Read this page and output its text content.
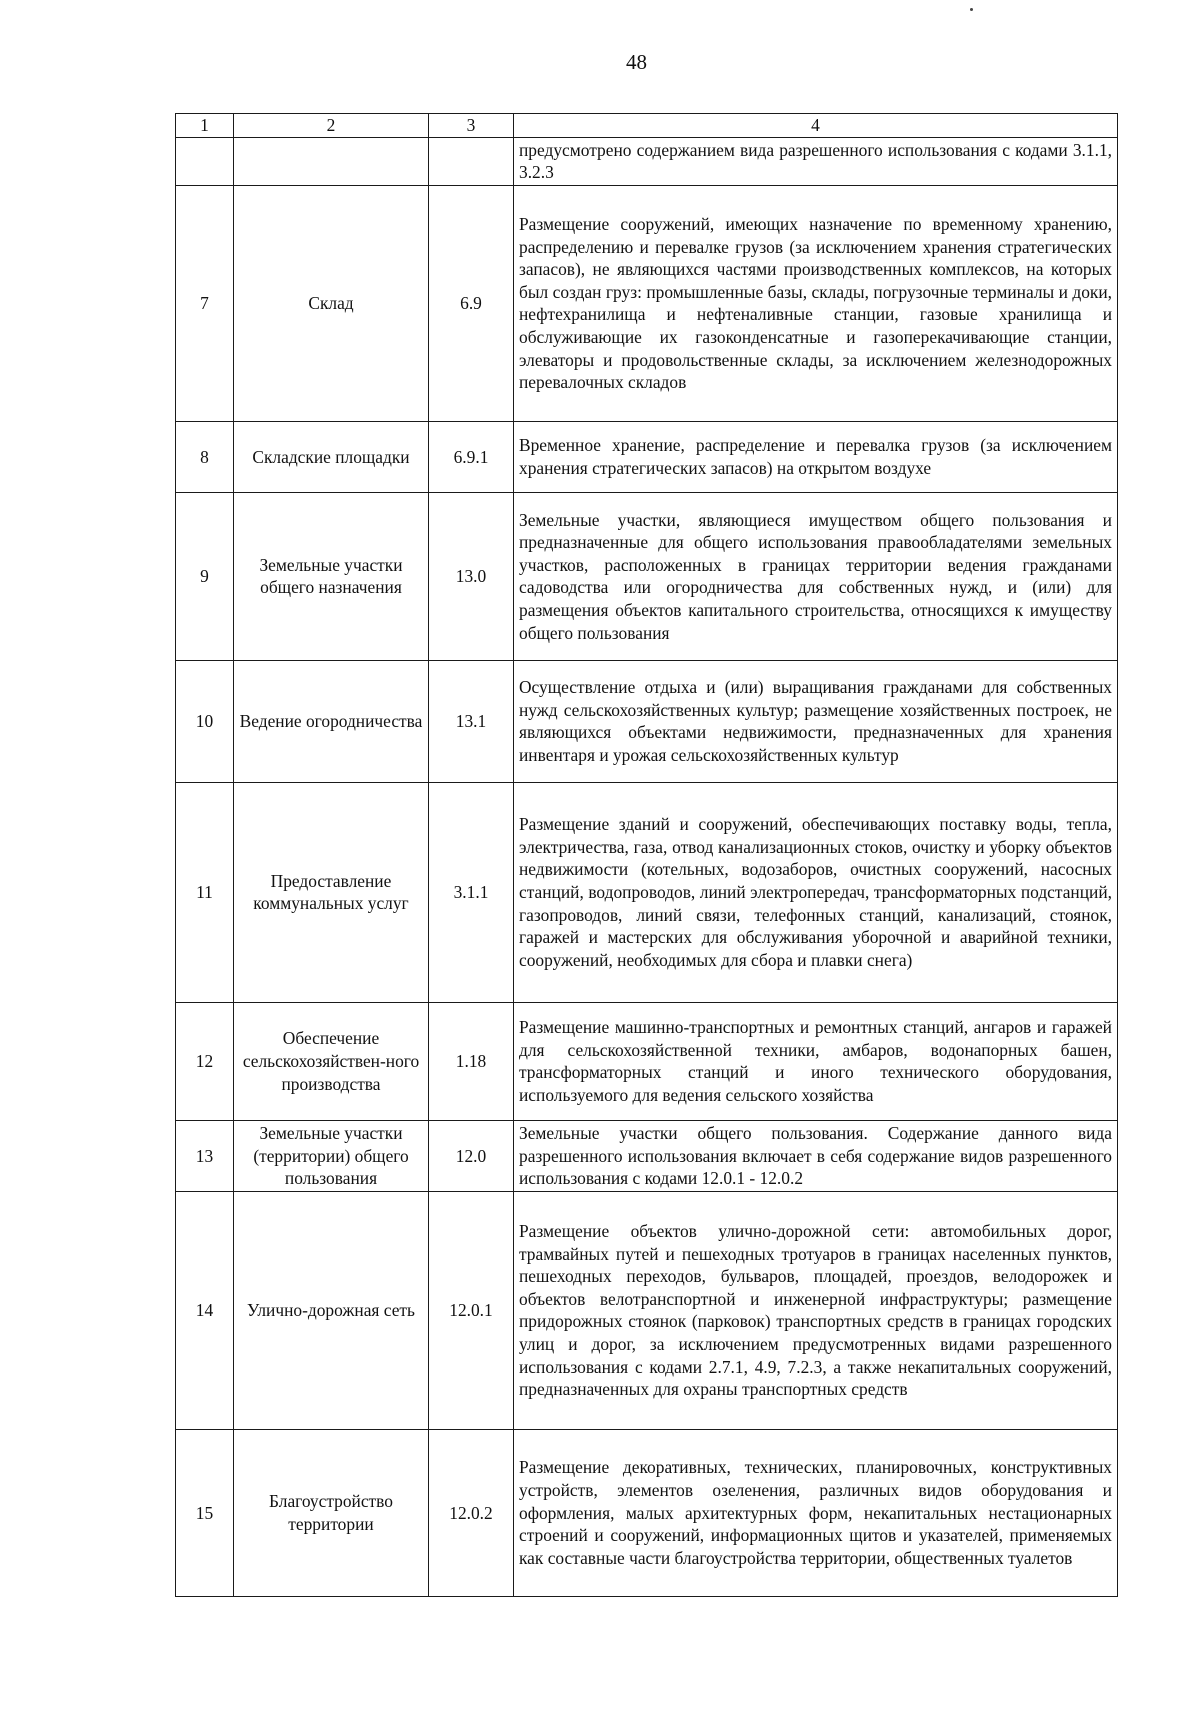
48
1	2	3	4
			предусмотрено содержанием вида разрешенного использования с кодами 3.1.1, 3.2.3
7	Склад	6.9	Размещение сооружений, имеющих назначение по временному хранению, распределению и перевалке грузов (за исключением хранения стратегических запасов), не являющихся частями производственных комплексов, на которых был создан груз: промышленные базы, склады, погрузочные терминалы и доки, нефтехранилища и нефтеналивные станции, газовые хранилища и обслуживающие их газоконденсатные и газоперекачивающие станции, элеваторы и продовольственные склады, за исключением железнодорожных перевалочных складов
8	Складские площадки	6.9.1	Временное хранение, распределение и перевалка грузов (за исключением хранения стратегических запасов) на открытом воздухе
9	Земельные участки общего назначения	13.0	Земельные участки, являющиеся имуществом общего пользования и предназначенные для общего использования правообладателями земельных участков, расположенных в границах территории ведения гражданами садоводства или огородничества для собственных нужд, и (или) для размещения объектов капитального строительства, относящихся к имуществу общего пользования
10	Ведение огородничества	13.1	Осуществление отдыха и (или) выращивания гражданами для собственных нужд сельскохозяйственных культур; размещение хозяйственных построек, не являющихся объектами недвижимости, предназначенных для хранения инвентаря и урожая сельскохозяйственных культур
11	Предоставление коммунальных услуг	3.1.1	Размещение зданий и сооружений, обеспечивающих поставку воды, тепла, электричества, газа, отвод канализационных стоков, очистку и уборку объектов недвижимости (котельных, водозаборов, очистных сооружений, насосных станций, водопроводов, линий электропередач, трансформаторных подстанций, газопроводов, линий связи, телефонных станций, канализаций, стоянок, гаражей и мастерских для обслуживания уборочной и аварийной техники, сооружений, необходимых для сбора и плавки снега)
12	Обеспечение сельскохозяйствен-ного производства	1.18	Размещение машинно-транспортных и ремонтных станций, ангаров и гаражей для сельскохозяйственной техники, амбаров, водонапорных башен, трансформаторных станций и иного технического оборудования, используемого для ведения сельского хозяйства
13	Земельные участки (территории) общего пользования	12.0	Земельные участки общего пользования. Содержание данного вида разрешенного использования включает в себя содержание видов разрешенного использования с кодами 12.0.1 - 12.0.2
14	Улично-дорожная сеть	12.0.1	Размещение объектов улично-дорожной сети: автомобильных дорог, трамвайных путей и пешеходных тротуаров в границах населенных пунктов, пешеходных переходов, бульваров, площадей, проездов, велодорожек и объектов велотранспортной и инженерной инфраструктуры; размещение придорожных стоянок (парковок) транспортных средств в границах городских улиц и дорог, за исключением предусмотренных видами разрешенного использования с кодами 2.7.1, 4.9, 7.2.3, а также некапитальных сооружений, предназначенных для охраны транспортных средств
15	Благоустройство территории	12.0.2	Размещение декоративных, технических, планировочных, конструктивных устройств, элементов озеленения, различных видов оборудования и оформления, малых архитектурных форм, некапитальных нестационарных строений и сооружений, информационных щитов и указателей, применяемых как составные части благоустройства территории, общественных туалетов
